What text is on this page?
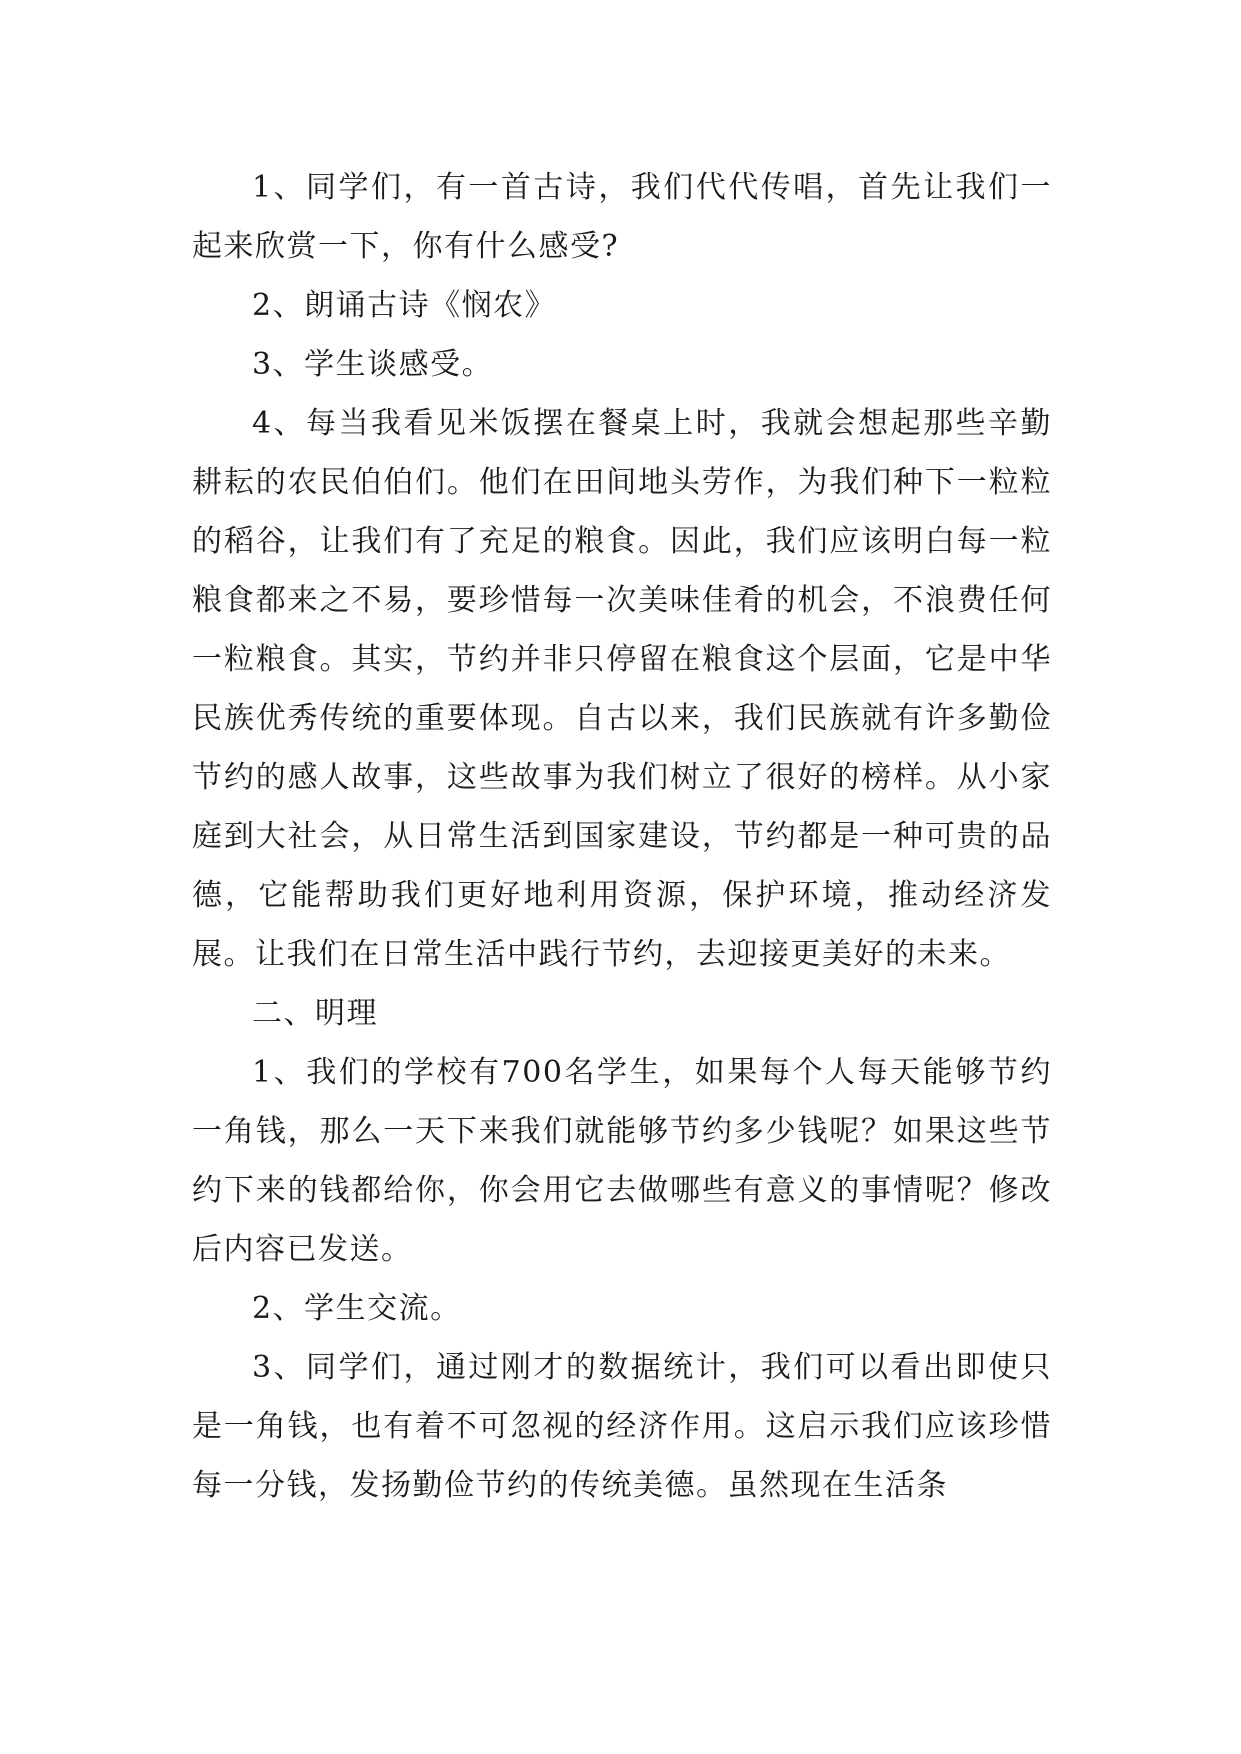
1、同学们，有一首古诗，我们代代传唱，首先让我们一起来欣赏一下，你有什么感受?

2、朗诵古诗《悯农》

3、学生谈感受。

4、每当我看见米饭摆在餐桌上时，我就会想起那些辛勤耕耘的农民伯伯们。他们在田间地头劳作，为我们种下一粒粒的稻谷，让我们有了充足的粮食。因此，我们应该明白每一粒粮食都来之不易，要珍惜每一次美味佳肴的机会，不浪费任何一粒粮食。其实，节约并非只停留在粮食这个层面，它是中华民族优秀传统的重要体现。自古以来，我们民族就有许多勤俭节约的感人故事，这些故事为我们树立了很好的榜样。从小家庭到大社会，从日常生活到国家建设，节约都是一种可贵的品德，它能帮助我们更好地利用资源，保护环境，推动经济发展。让我们在日常生活中践行节约，去迎接更美好的未来。

二、明理

1、我们的学校有700名学生，如果每个人每天能够节约一角钱，那么一天下来我们就能够节约多少钱呢？如果这些节约下来的钱都给你，你会用它去做哪些有意义的事情呢？修改后内容已发送。

2、学生交流。

3、同学们，通过刚才的数据统计，我们可以看出即使只是一角钱，也有着不可忽视的经济作用。这启示我们应该珍惜每一分钱，发扬勤俭节约的传统美德。虽然现在生活条
